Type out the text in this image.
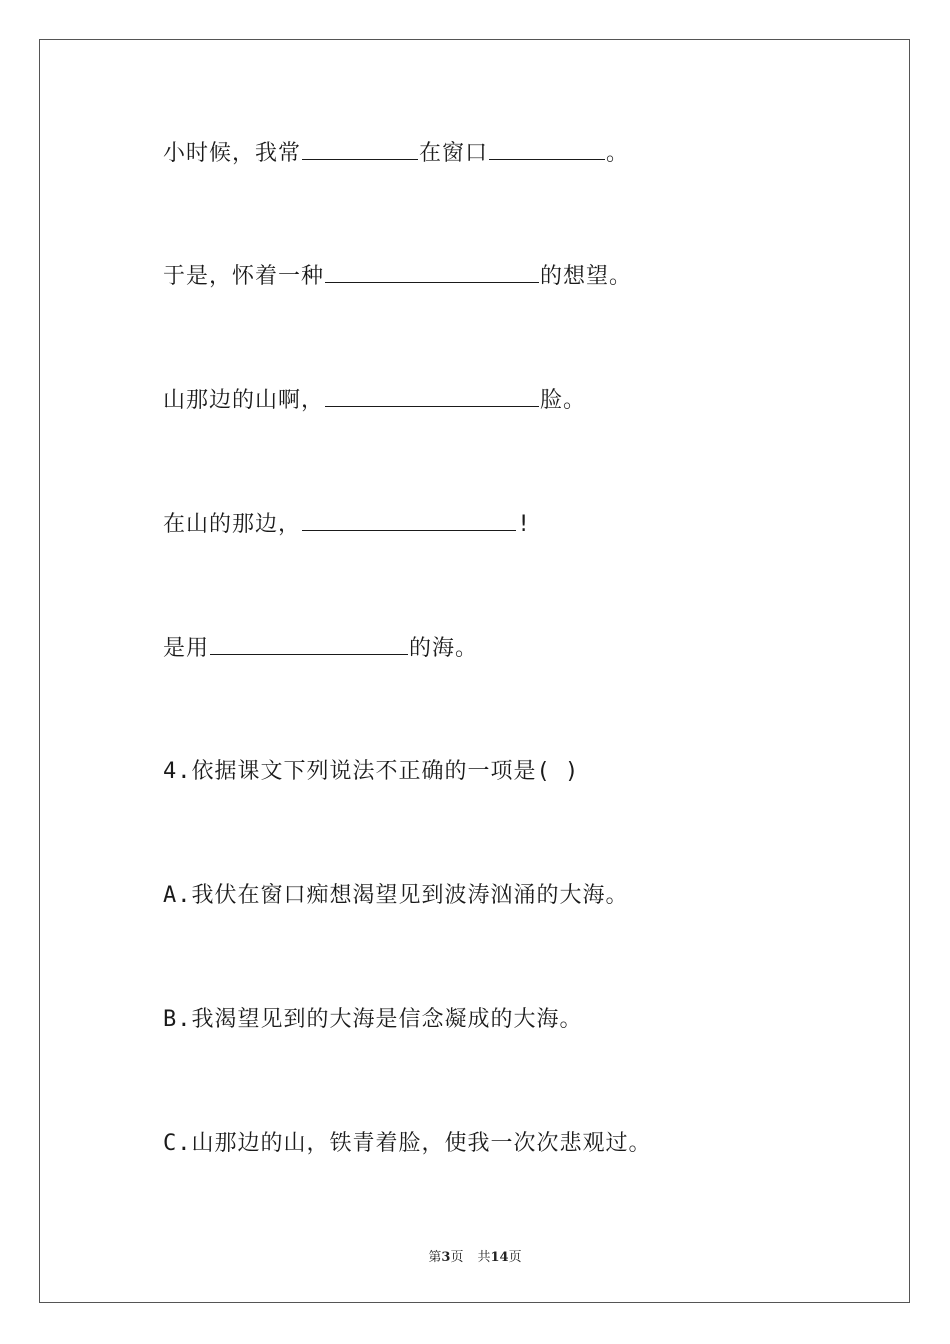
小时候，我常	在窗口	。
于是，怀着一种	的想望。
山那边的山啊，	脸。
在山的那边，	!
是用	的海。
4.依据课文下列说法不正确的一项是( )
A.我伏在窗口痴想渴望见到波涛汹涌的大海。
B.我渴望见到的大海是信念凝成的大海。
C.山那边的山，铁青着脸，使我一次次悲观过。
第3页 共14页
